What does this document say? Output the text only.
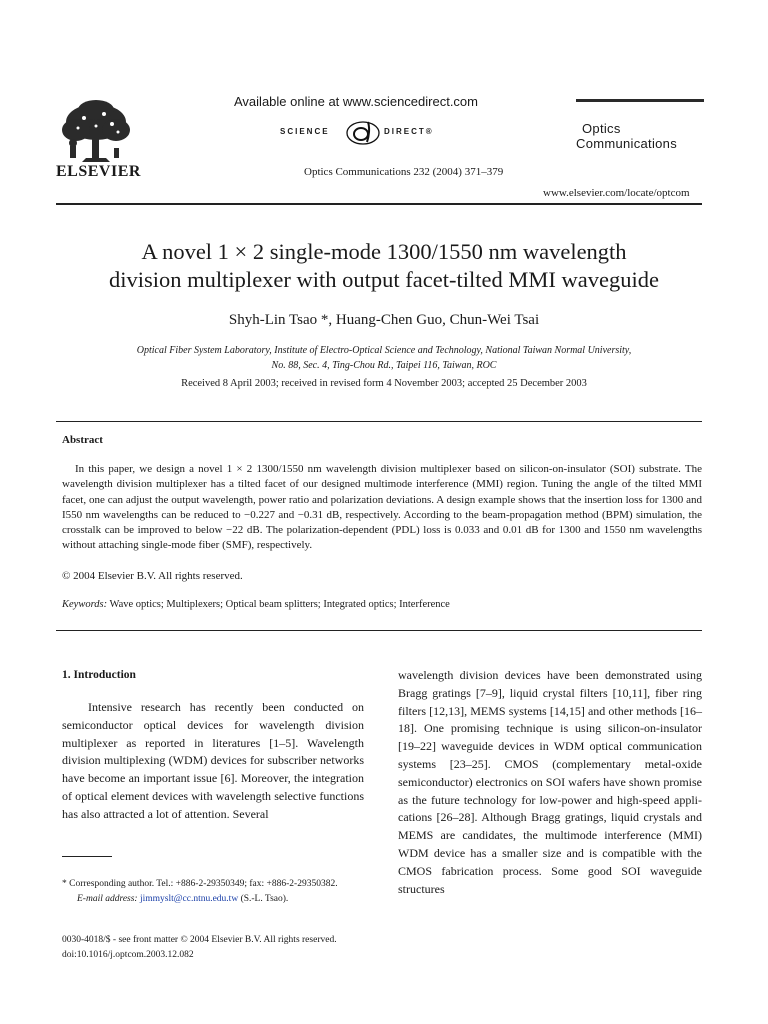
ELSEVIER
Available online at www.sciencedirect.com
SCIENCE	DIRECT®
Optics Communications 232 (2004) 371–379
Optics
Communications
www.elsevier.com/locate/optcom
A novel 1 × 2 single-mode 1300/1550 nm wavelength
division multiplexer with output facet-tilted MMI waveguide
Shyh-Lin Tsao *, Huang-Chen Guo, Chun-Wei Tsai
Optical Fiber System Laboratory, Institute of Electro-Optical Science and Technology, National Taiwan Normal University,
No. 88, Sec. 4, Ting-Chou Rd., Taipei 116, Taiwan, ROC
Received 8 April 2003; received in revised form 4 November 2003; accepted 25 December 2003
Abstract

In this paper, we design a novel 1 × 2 1300/1550 nm wavelength division multiplexer based on silicon-on-insulator (SOI) substrate. The wavelength division multiplexer has a tilted facet of our designed multimode interference (MMI) region. Tuning the angle of the tilted MMI facet, one can adjust the output wavelength, power ratio and polarization deviations. A design example shows that the insertion loss for 1300 and I550 nm wavelengths can be reduced to −0.227 and −0.31 dB, respectively. According to the beam-propagation method (BPM) simulation, the crosstalk can be improved to below −22 dB. The polarization-dependent (PDL) loss is 0.033 and 0.01 dB for 1300 and 1550 nm wavelengths without attaching single-mode fiber (SMF), respectively.

© 2004 Elsevier B.V. All rights reserved.
Keywords: Wave optics; Multiplexers; Optical beam splitters; Integrated optics; Interference
1. Introduction

Intensive research has recently been conducted on semiconductor optical devices for wavelength division multiplexer as reported in literatures [1–5]. Wavelength division multiplexing (WDM) devices for subscriber networks have become an important issue [6]. Moreover, the integration of optical element devices with wavelength selective functions has also attracted a lot of attention. Several

wavelength division devices have been demonstrated using Bragg gratings [7–9], liquid crystal filters [10,11], fiber ring filters [12,13], MEMS systems [14,15] and other methods [16–18]. One promising technique is using silicon-on-insulator [19–22] waveguide devices in WDM optical communication systems [23–25]. CMOS (complementary metal-oxide semiconductor) electronics on SOI wafers have shown promise as the future technology for low-power and high-speed applications [26–28]. Although Bragg gratings, liquid crystals and MEMS are candidates, the multimode interference (MMI) WDM device has a smaller size and is compatible with the CMOS fabrication process. Some good SOI waveguide structures

* Corresponding author. Tel.: +886-2-29350349; fax: +886-2-29350382.
E-mail address: jimmyslt@cc.ntnu.edu.tw (S.-L. Tsao).
0030-4018/$ - see front matter © 2004 Elsevier B.V. All rights reserved.
doi:10.1016/j.optcom.2003.12.082
